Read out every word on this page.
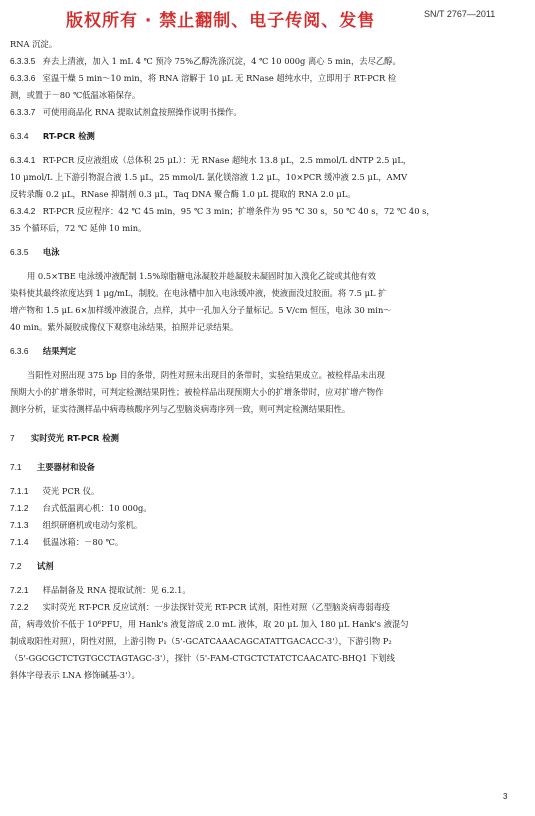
版权所有 · 禁止翻制、电子传阅、发售	SN/T 2767—2011
RNA 沉淀。
6.3.3.5 弃去上清液，加入 1 mL 4 ℃ 预冷 75%乙醇洗涤沉淀，4 ℃ 10 000g 离心 5 min，去尽乙醇。
6.3.3.6 室温干燥 5 min～10 min，将 RNA 溶解于 10 μL 无 RNase 超纯水中，立即用于 RT-PCR 检
测，或置于－80 ℃低温冰箱保存。
6.3.3.7 可使用商品化 RNA 提取试剂盒按照操作说明书操作。
6.3.4 RT-PCR 检测
6.3.4.1 RT-PCR 反应液组成（总体积 25 μL）：无 RNase 超纯水 13.8 μL，2.5 mmol/L dNTP 2.5 μL，
10 μmol/L 上下游引物混合液 1.5 μL，25 mmol/L 氯化镁溶液 1.2 μL，10×PCR 缓冲液 2.5 μL，AMV
反转录酶 0.2 μL，RNase 抑制剂 0.3 μL，Taq DNA 聚合酶 1.0 μL 提取的 RNA 2.0 μL。
6.3.4.2 RT-PCR 反应程序：42 ℃ 45 min，95 ℃ 3 min；扩增条件为 95 ℃ 30 s，50 ℃ 40 s，72 ℃ 40 s，
35 个循环后，72 ℃ 延伸 10 min。
6.3.5 电泳
用 0.5×TBE 电泳缓冲液配制 1.5%琼脂糖电泳凝胶并趁凝胶未凝固时加入溴化乙锭或其他有效
染料使其最终浓度达到 1 μg/mL，制胶。在电泳槽中加入电泳缓冲液，使液面没过胶面。将 7.5 μL 扩
增产物和 1.5 μL 6×加样缓冲液混合，点样，其中一孔加入分子量标记。5 V/cm 恒压，电泳 30 min～
40 min。紫外凝胶成像仪下观察电泳结果，拍照并记录结果。
6.3.6 结果判定
当阳性对照出现 375 bp 目的条带，阴性对照未出现目的条带时，实验结果成立。被检样品未出现
预期大小的扩增条带时，可判定检测结果阴性；被检样品出现预期大小的扩增条带时，应对扩增产物作
测序分析，证实待测样品中病毒核酸序列与乙型脑炎病毒序列一致，则可判定检测结果阳性。
7 实时荧光 RT-PCR 检测
7.1 主要器材和设备
7.1.1 荧光 PCR 仪。
7.1.2 台式低温离心机：10 000g。
7.1.3 组织研磨机或电动匀浆机。
7.1.4 低温冰箱：－80 ℃。
7.2 试剂
7.2.1 样品制备及 RNA 提取试剂：见 6.2.1。
7.2.2 实时荧光 RT-PCR 反应试剂：一步法探针荧光 RT-PCR 试剂，阳性对照（乙型脑炎病毒弱毒疫
苗，病毒效价不低于 10⁶PFU，用 Hank's 液复溶成 2.0 mL 液体，取 20 μL 加入 180 μL Hank's 液混匀
制成取阳性对照），阴性对照，上游引物 P₁（5'-GCATCAAACAGCATATTGACACC-3'），下游引物 P₂
（5'-GGCGCTCTGTGCCTAGTAGC-3'），探针（5'-FAM-CTGCTCTATCTCAACATC-BHQ1 下划线
斜体字母表示 LNA 修饰碱基-3'）。
3
